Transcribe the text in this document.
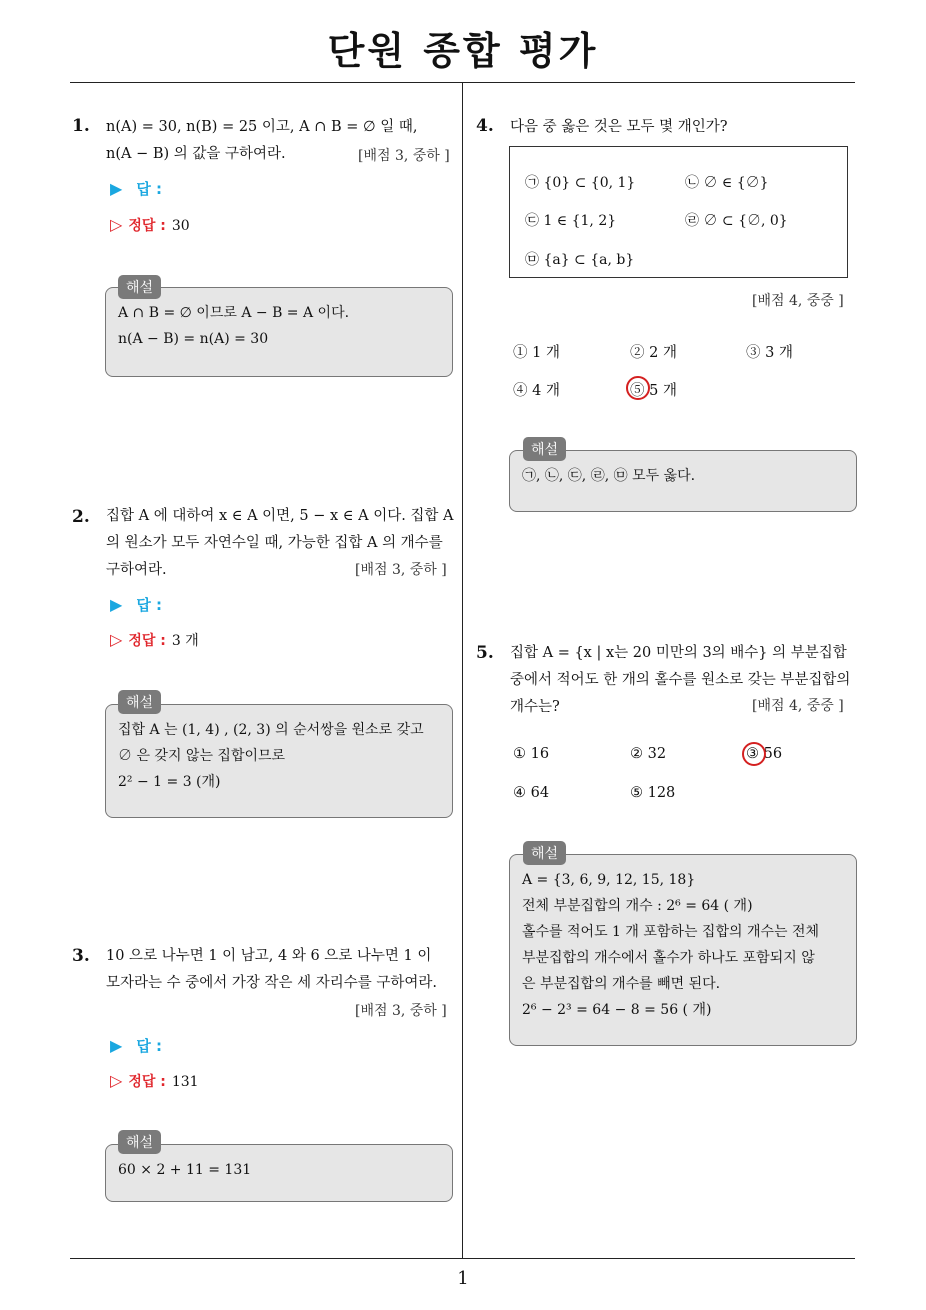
단원 종합 평가
1
1. n(A) = 30, n(B) = 25 이고, A ∩ B = ∅ 일 때,
n(A − B) 의 값을 구하여라.	[배점 3, 중하 ]
▶ 답 :
▷ 정답 : 30
A ∩ B = ∅ 이므로 A − B = A 이다.
n(A − B) = n(A) = 30
해설
2. 집합 A 에 대하여 x ∈ A 이면, 5 − x ∈ A 이다. 집합 A
의 원소가 모두 자연수일 때, 가능한 집합 A 의 개수를
구하여라.	[배점 3, 중하 ]
▶ 답 :
▷ 정답 : 3 개
집합 A 는 (1, 4) , (2, 3) 의 순서쌍을 원소로 갖고
∅ 은 갖지 않는 집합이므로
2² − 1 = 3 (개)
해설
3. 10 으로 나누면 1 이 남고, 4 와 6 으로 나누면 1 이
모자라는 수 중에서 가장 작은 세 자리수를 구하여라.
[배점 3, 중하 ]
▶ 답 :
▷ 정답 : 131
60 × 2 + 11 = 131
해설
4. 다음 중 옳은 것은 모두 몇 개인가?
㉠ {0} ⊂ {0, 1}	㉡ ∅ ∈ {∅}
㉢ 1 ∈ {1, 2}	㉣ ∅ ⊂ {∅, 0}
㉤ {a} ⊂ {a, b}
[배점 4, 중중 ]
① 1 개	② 2 개	③ 3 개
④ 4 개	⑤ 5 개
㉠, ㉡, ㉢, ㉣, ㉤ 모두 옳다.
해설
5. 집합 A = {x | x는 20 미만의 3의 배수} 의 부분집합
중에서 적어도 한 개의 홀수를 원소로 갖는 부분집합의
개수는?	[배점 4, 중중 ]
① 16	② 32	③ 56
④ 64	⑤ 128
A = {3, 6, 9, 12, 15, 18}
전체 부분집합의 개수 : 2⁶ = 64 ( 개)
홀수를 적어도 1 개 포함하는 집합의 개수는 전체
부분집합의 개수에서 홀수가 하나도 포함되지 않
은 부분집합의 개수를 빼면 된다.
2⁶ − 2³ = 64 − 8 = 56 ( 개)
해설
